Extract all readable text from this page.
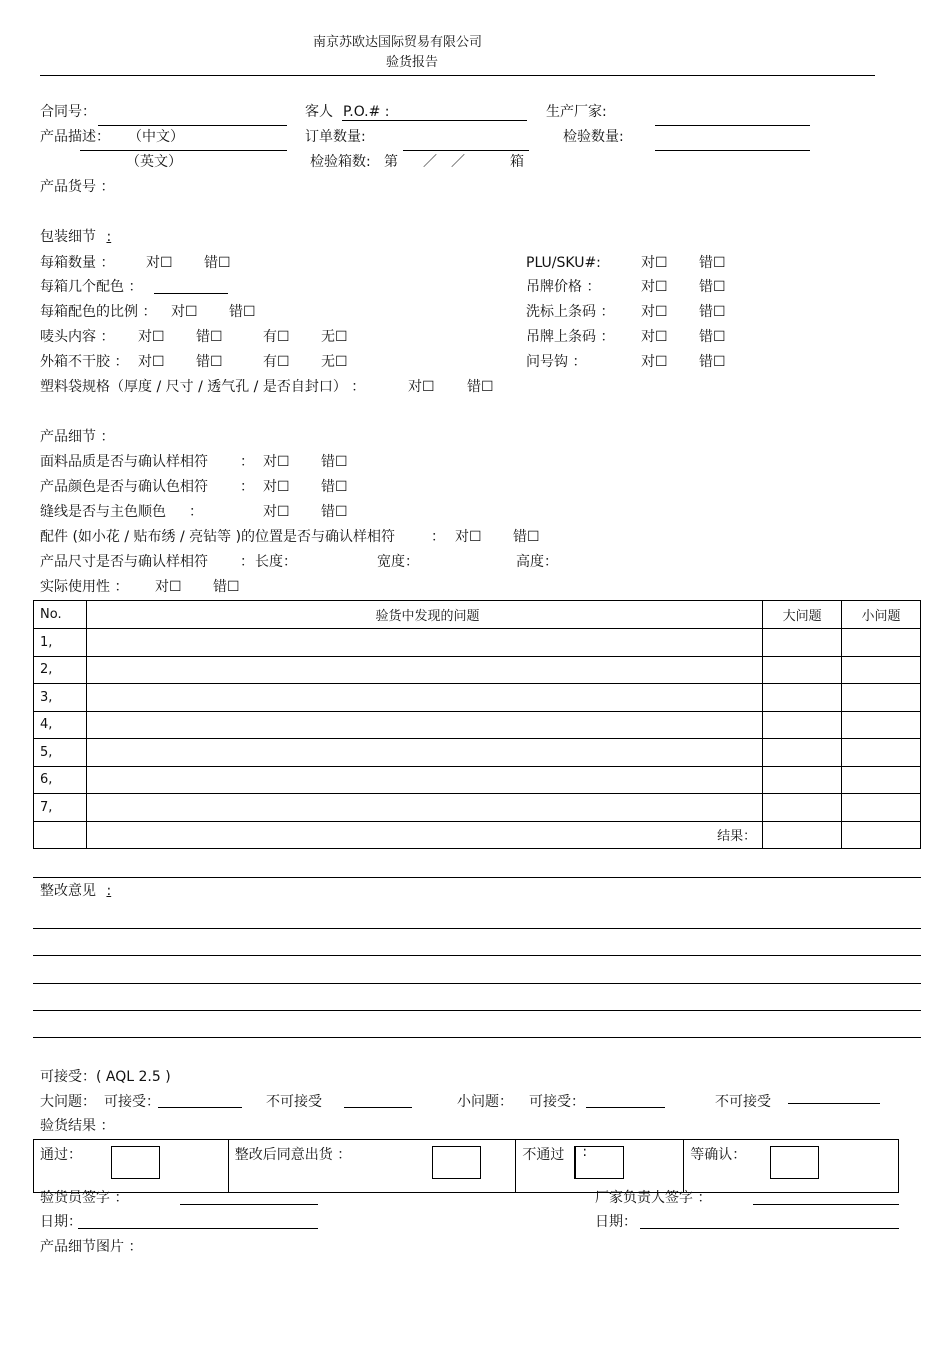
南京苏欧达国际贸易有限公司
验货报告
合同号：	客人 P.O.# :	生产厂家:
产品描述： （中文）	订单数量:	检验数量:
（英文）	检验箱数: 第 ／　／	箱
产品货号 ：
包装细节 :
每箱数量 ： 对☐ 错☐
每箱几个配色 ：
每箱配色的比例 ： 对☐ 错☐
唛头内容 ： 对☐ 错☐	有☐ 无☐
外箱不干胶 ： 对☐ 错☐	有☐ 无☐
塑料袋规格（厚度 / 尺寸 / 透气孔 / 是否自封口） ：	对☐ 错☐
PLU/SKU#:	对☐ 错☐
吊牌价格 ：	对☐ 错☐
洗标上条码 ： 对☐ 错☐
吊牌上条码 ： 对☐ 错☐
问号钩 ：	对☐ 错☐
产品细节 ：
面料品质是否与确认样相符 ： 对☐ 错☐
产品颜色是否与确认色相符 ： 对☐ 错☐
缝线是否与主色顺色 ：	对☐ 错☐
配件 (如小花 / 贴布绣 / 亮钻等 )的位置是否与确认样相符	： 对☐ 错☐
产品尺寸是否与确认样相符 ： 长度：	宽度：	高度：
实际使用性 ： 对☐ 错☐
No.	验货中发现的问题	大问题	小问题
1,			
2,			
3,			
4,			
5,			
6,			
7,			
	结果：		
整改意见 :
可接受：( AQL 2.5 )
大问题： 可接受：	不可接受	小问题： 可接受：	不可接受
验货结果 ：
通过：	整改后同意出货 ：	不通过 :	等确认：
验货员签字 ：	厂家负责人签字 ：
日期：	日期：
产品细节图片 ：
